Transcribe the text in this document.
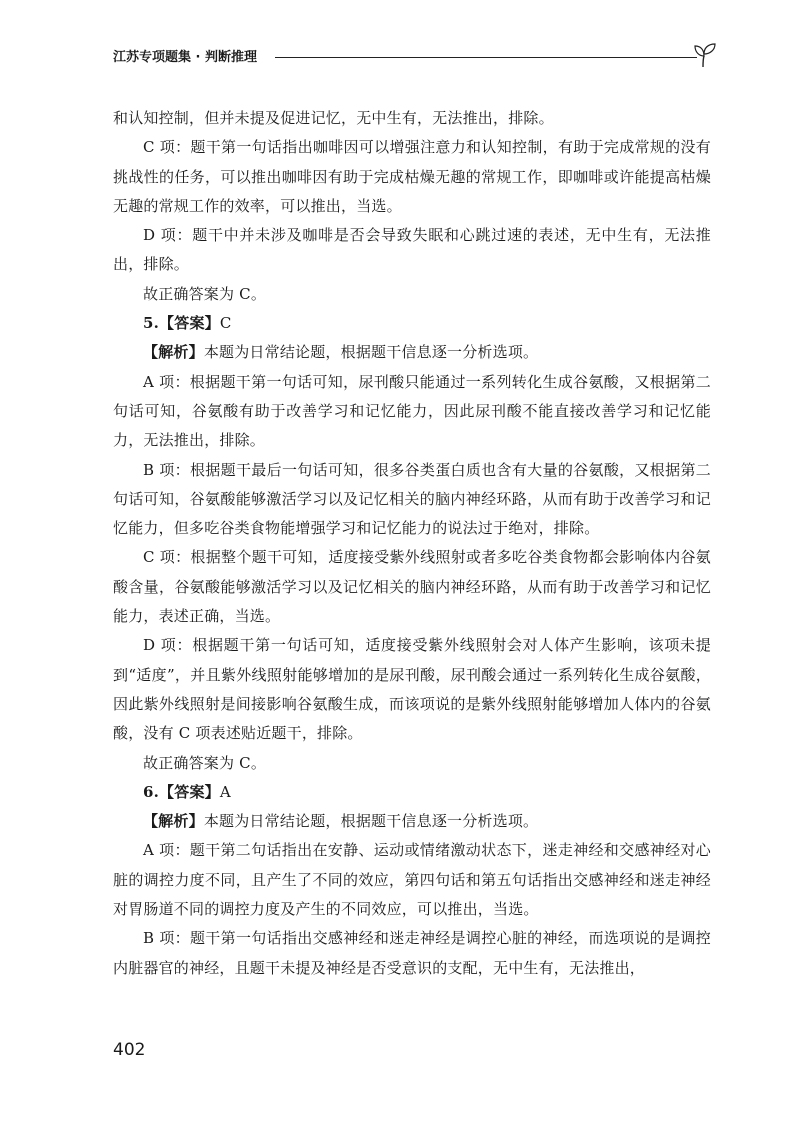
江苏专项题集 · 判断推理

和认知控制，但并未提及促进记忆，无中生有，无法推出，排除。

C 项：题干第一句话指出咖啡因可以增强注意力和认知控制，有助于完成常规的没有挑战性的任务，可以推出咖啡因有助于完成枯燥无趣的常规工作，即咖啡或许能提高枯燥无趣的常规工作的效率，可以推出，当选。

D 项：题干中并未涉及咖啡是否会导致失眠和心跳过速的表述，无中生有，无法推出，排除。

故正确答案为 C。

5.【答案】C

【解析】本题为日常结论题，根据题干信息逐一分析选项。

A 项：根据题干第一句话可知，尿刊酸只能通过一系列转化生成谷氨酸，又根据第二句话可知，谷氨酸有助于改善学习和记忆能力，因此尿刊酸不能直接改善学习和记忆能力，无法推出，排除。

B 项：根据题干最后一句话可知，很多谷类蛋白质也含有大量的谷氨酸，又根据第二句话可知，谷氨酸能够激活学习以及记忆相关的脑内神经环路，从而有助于改善学习和记忆能力，但多吃谷类食物能增强学习和记忆能力的说法过于绝对，排除。

C 项：根据整个题干可知，适度接受紫外线照射或者多吃谷类食物都会影响体内谷氨酸含量，谷氨酸能够激活学习以及记忆相关的脑内神经环路，从而有助于改善学习和记忆能力，表述正确，当选。

D 项：根据题干第一句话可知，适度接受紫外线照射会对人体产生影响，该项未提到“适度”，并且紫外线照射能够增加的是尿刊酸，尿刊酸会通过一系列转化生成谷氨酸，因此紫外线照射是间接影响谷氨酸生成，而该项说的是紫外线照射能够增加人体内的谷氨酸，没有 C 项表述贴近题干，排除。

故正确答案为 C。

6.【答案】A

【解析】本题为日常结论题，根据题干信息逐一分析选项。

A 项：题干第二句话指出在安静、运动或情绪激动状态下，迷走神经和交感神经对心脏的调控力度不同，且产生了不同的效应，第四句话和第五句话指出交感神经和迷走神经对胃肠道不同的调控力度及产生的不同效应，可以推出，当选。

B 项：题干第一句话指出交感神经和迷走神经是调控心脏的神经，而选项说的是调控内脏器官的神经，且题干未提及神经是否受意识的支配，无中生有，无法推出，

402
